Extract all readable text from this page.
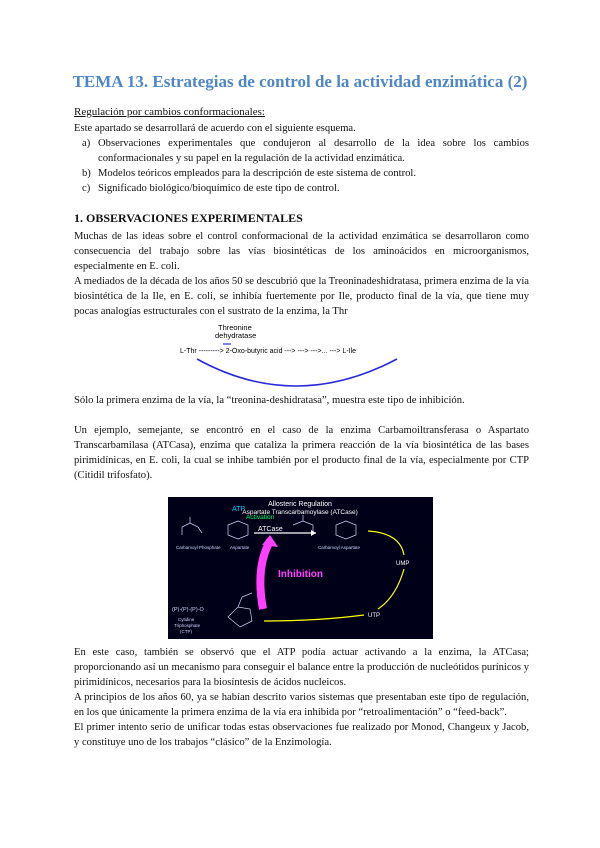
TEMA 13. Estrategias de control de la actividad enzimática (2)
Regulación por cambios conformacionales:

Este apartado se desarrollará de acuerdo con el siguiente esquema.

a) Observaciones experimentales que condujeron al desarrollo de la idea sobre los cambios conformacionales y su papel en la regulación de la actividad enzimática.
b) Modelos teóricos empleados para la descripción de este sistema de control.
c) Significado biológico/bioquímico de este tipo de control.
1. OBSERVACIONES EXPERIMENTALES

Muchas de las ideas sobre el control conformacional de la actividad enzimática se desarrollaron como consecuencia del trabajo sobre las vías biosintéticas de los aminoácidos en microorganismos, especialmente en E. coli.

A mediados de la década de los años 50 se descubrió que la Treoninadeshidratasa, primera enzima de la vía biosintética de la Ile, en E. coli, se inhibía fuertemente por Ile, producto final de la vía, que tiene muy pocas analogías estructurales con el sustrato de la enzima, la Thr

Threonine
dehydratase
L-Thr ---------> 2-Oxo-butyric acid ---> ---> --->... ---> L-Ile

Sólo la primera enzima de la vía, la “treonina-deshidratasa”, muestra este tipo de inhibición.

Un ejemplo, semejante, se encontró en el caso de la enzima Carbamoiltransferasa o Aspartato Transcarbamilasa (ATCasa), enzima que cataliza la primera reacción de la vía biosintética de las bases pirimidínicas, en E. coli, la cual se inhibe también por el producto final de la vía, especialmente por CTP (Citidil trifosfato).

Allosteric Regulation
Aspartate Transcarbamoylase (ATCase)
Carbamoyl Phosphate Aspartate	Carbamoyl Aspartate
ATP
Activation
ATCase
Inhibition
UMP
UTP
(P)-(P)-(P)-O
Cytidine
Triphosphate
(CTP)

En este caso, también se observó que el ATP podía actuar activando a la enzima, la ATCasa; proporcionando así un mecanismo para conseguir el balance entre la producción de nucleótidos purínicos y pirimidínicos, necesarios para la biosíntesis de ácidos nucleicos.

A principios de los años 60, ya se habían descrito varios sistemas que presentaban este tipo de regulación, en los que únicamente la primera enzima de la vía era inhibida por “retroalimentación” o “feed-back”.

El primer intento serio de unificar todas estas observaciones fue realizado por Monod, Changeux y Jacob, y constituye uno de los trabajos “clásico” de la Enzimología.
